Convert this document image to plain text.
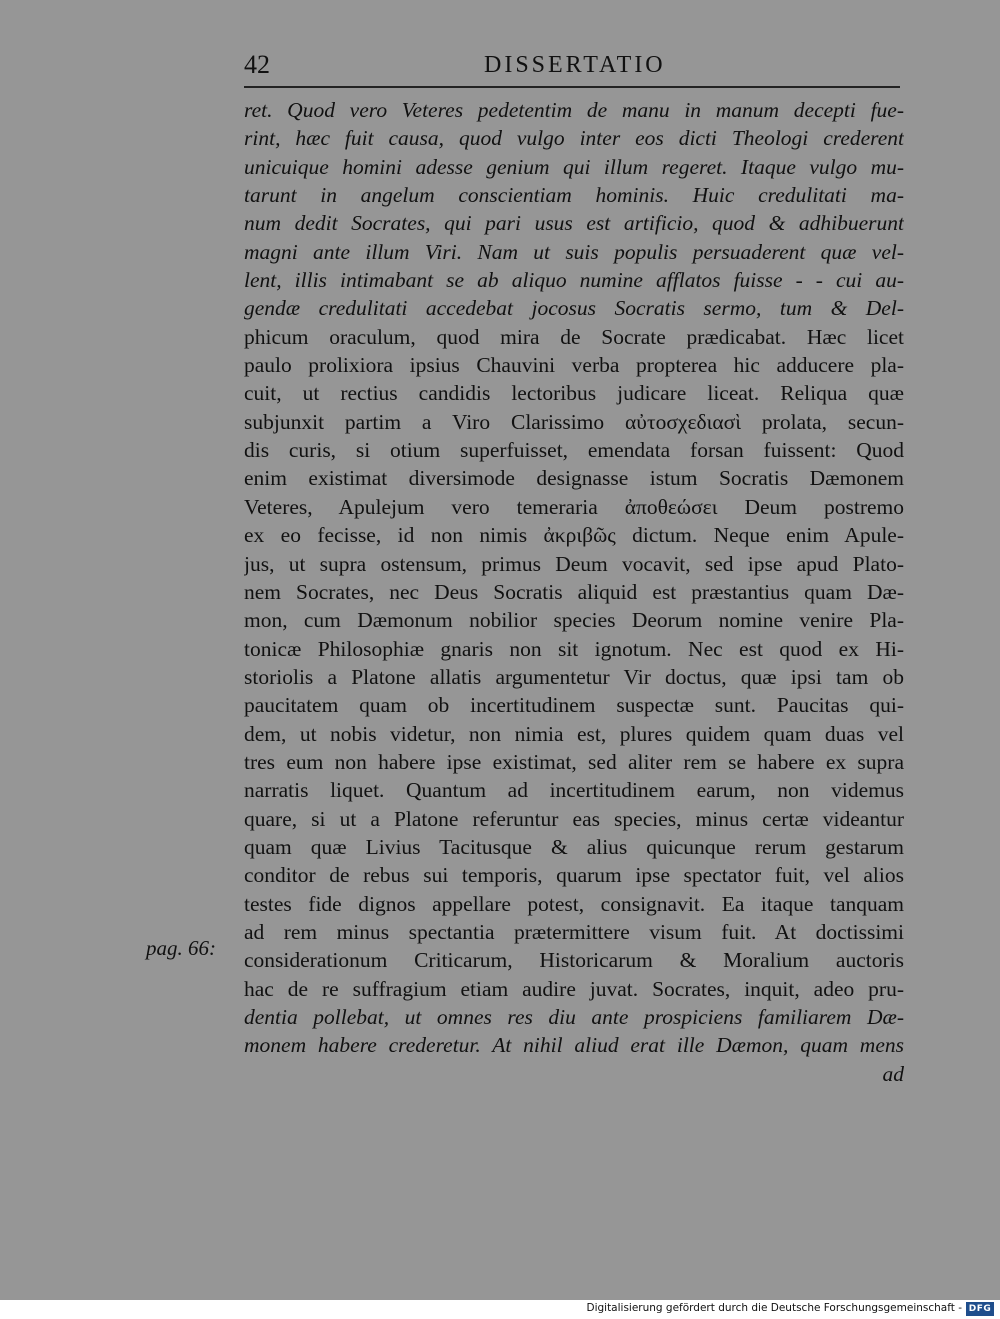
42	DISSERTATIO
ret. Quod vero Veteres pedetentim de manu in manum decepti fue-
rint, hæc fuit causa, quod vulgo inter eos dicti Theologi crederent
unicuique homini adesse genium qui illum regeret. Itaque vulgo mu-
tarunt in angelum conscientiam hominis. Huic credulitati ma-
num dedit Socrates, qui pari usus est artificio, quod & adhibuerunt
magni ante illum Viri. Nam ut suis populis persuaderent quæ vel-
lent, illis intimabant se ab aliquo numine afflatos fuisse - - cui au-
gendæ credulitati accedebat jocosus Socratis sermo, tum & Del-
phicum oraculum, quod mira de Socrate prædicabat. Hæc licet
paulo prolixiora ipsius Chauvini verba propterea hic adducere pla-
cuit, ut rectius candidis lectoribus judicare liceat. Reliqua quæ
subjunxit partim a Viro Clarissimo αὐτοσχεδιασὶ prolata, secun-
dis curis, si otium superfuisset, emendata forsan fuissent: Quod
enim existimat diversimode designasse istum Socratis Dæmonem
Veteres, Apulejum vero temeraria ἀποθεώσει Deum postremo
ex eo fecisse, id non nimis ἀκριβῶς dictum. Neque enim Apule-
jus, ut supra ostensum, primus Deum vocavit, sed ipse apud Plato-
nem Socrates, nec Deus Socratis aliquid est præstantius quam Dæ-
mon, cum Dæmonum nobilior species Deorum nomine venire Pla-
tonicæ Philosophiæ gnaris non sit ignotum. Nec est quod ex Hi-
storiolis a Platone allatis argumentetur Vir doctus, quæ ipsi tam ob
paucitatem quam ob incertitudinem suspectæ sunt. Paucitas qui-
dem, ut nobis videtur, non nimia est, plures quidem quam duas vel
tres eum non habere ipse existimat, sed aliter rem se habere ex supra
narratis liquet. Quantum ad incertitudinem earum, non videmus
quare, si ut a Platone referuntur eas species, minus certæ videantur
quam quæ Livius Tacitusque & alius quicunque rerum gestarum
conditor de rebus sui temporis, quarum ipse spectator fuit, vel alios
testes fide dignos appellare potest, consignavit. Ea itaque tanquam
ad rem minus spectantia prætermittere visum fuit. At doctissimi
considerationum Criticarum, Historicarum & Moralium auctoris
hac de re suffragium etiam audire juvat. Socrates, inquit, adeo pru-
dentia pollebat, ut omnes res diu ante prospiciens familiarem Dæ-
monem habere crederetur. At nihil aliud erat ille Dæmon, quam mens
ad
pag. 66:
Digitalisierung gefördert durch die Deutsche Forschungsgemeinschaft - DFG
